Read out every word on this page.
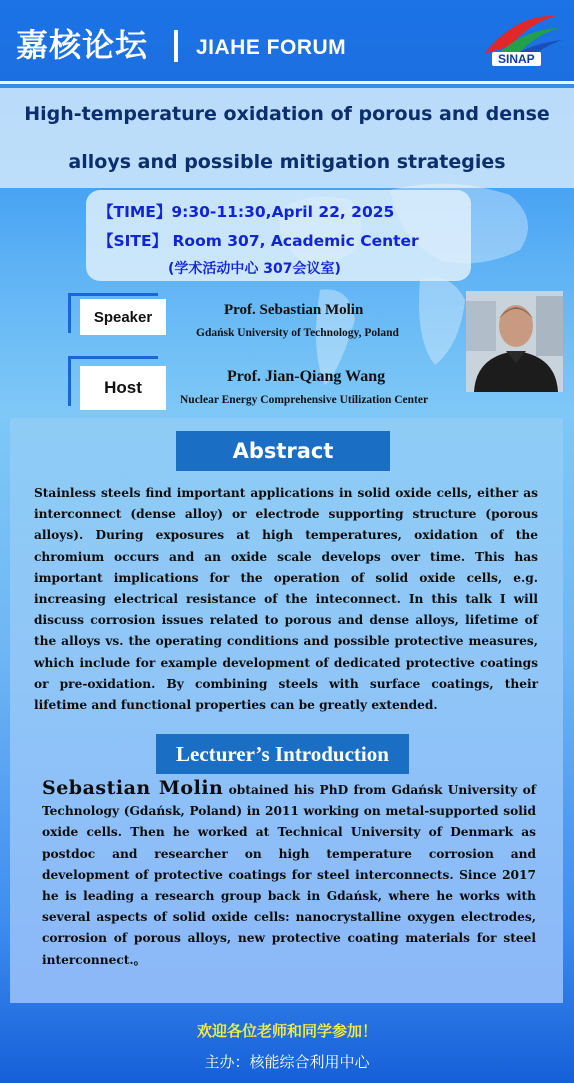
嘉核论坛 JIAHE FORUM	SINAP
High-temperature oxidation of porous and dense alloys and possible mitigation strategies
【TIME】9:30-11:30,April 22, 2025
【SITE】 Room 307, Academic Center
(学术活动中心 307会议室)
Speaker	Prof. Sebastian Molin
Gdańsk University of Technology, Poland
Host
Prof. Jian-Qiang Wang
Nuclear Energy Comprehensive Utilization Center
Abstract
Stainless steels find important applications in solid oxide cells, either as interconnect (dense alloy) or electrode supporting structure (porous alloys). During exposures at high temperatures, oxidation of the chromium occurs and an oxide scale develops over time. This has important implications for the operation of solid oxide cells, e.g. increasing electrical resistance of the inteconnect. In this talk I will discuss corrosion issues related to porous and dense alloys, lifetime of the alloys vs. the operating conditions and possible protective measures, which include for example development of dedicated protective coatings or pre-oxidation. By combining steels with surface coatings, their lifetime and functional properties can be greatly extended.
Lecturer’s Introduction
Sebastian Molin obtained his PhD from Gdańsk University of Technology (Gdańsk, Poland) in 2011 working on metal-supported solid oxide cells. Then he worked at Technical University of Denmark as postdoc and researcher on high temperature corrosion and development of protective coatings for steel interconnects. Since 2017 he is leading a research group back in Gdańsk, where he works with several aspects of solid oxide cells: nanocrystalline oxygen electrodes, corrosion of porous alloys, new protective coating materials for steel interconnect.。
欢迎各位老师和同学参加！
主办：核能综合利用中心
